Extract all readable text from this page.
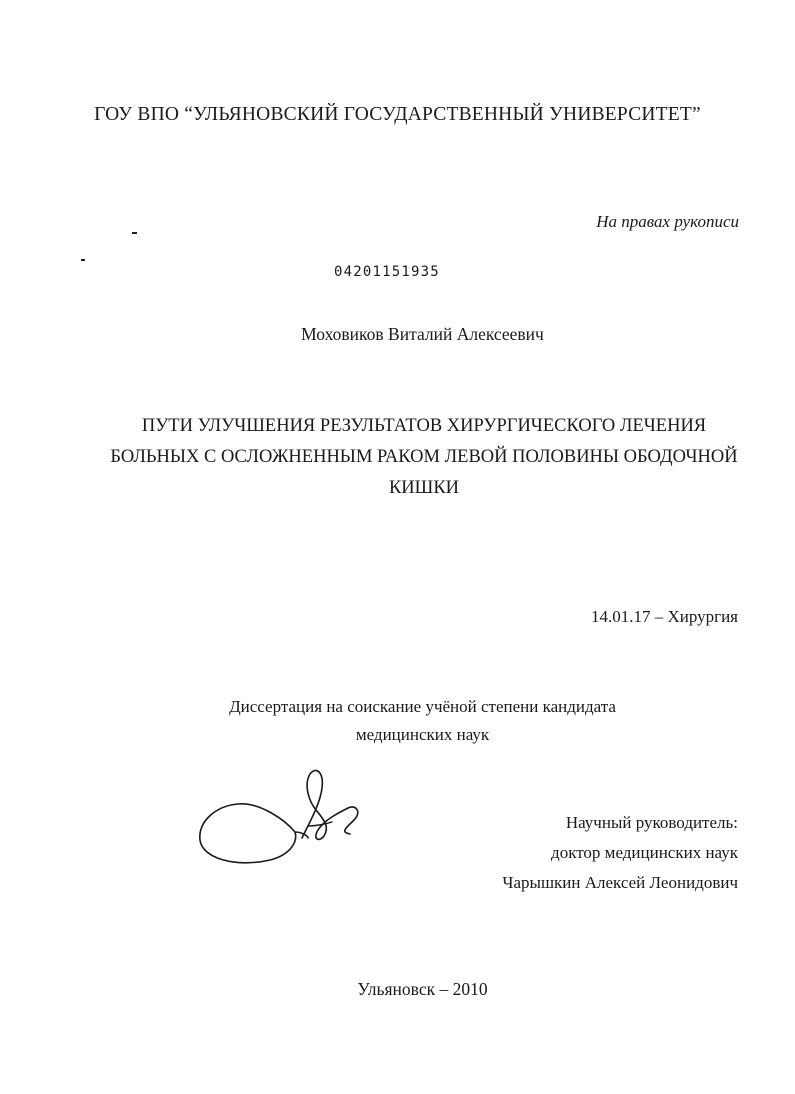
ГОУ ВПО “УЛЬЯНОВСКИЙ ГОСУДАРСТВЕННЫЙ УНИВЕРСИТЕТ”
На правах рукописи
04201151935
Моховиков Виталий Алексеевич
ПУТИ УЛУЧШЕНИЯ РЕЗУЛЬТАТОВ ХИРУРГИЧЕСКОГО ЛЕЧЕНИЯ
БОЛЬНЫХ С ОСЛОЖНЕННЫМ РАКОМ ЛЕВОЙ ПОЛОВИНЫ ОБОДОЧНОЙ
КИШКИ
14.01.17 – Хирургия
Диссертация на соискание учёной степени кандидата
медицинских наук
Научный руководитель:
доктор медицинских наук
Чарышкин Алексей Леонидович
Ульяновск – 2010
